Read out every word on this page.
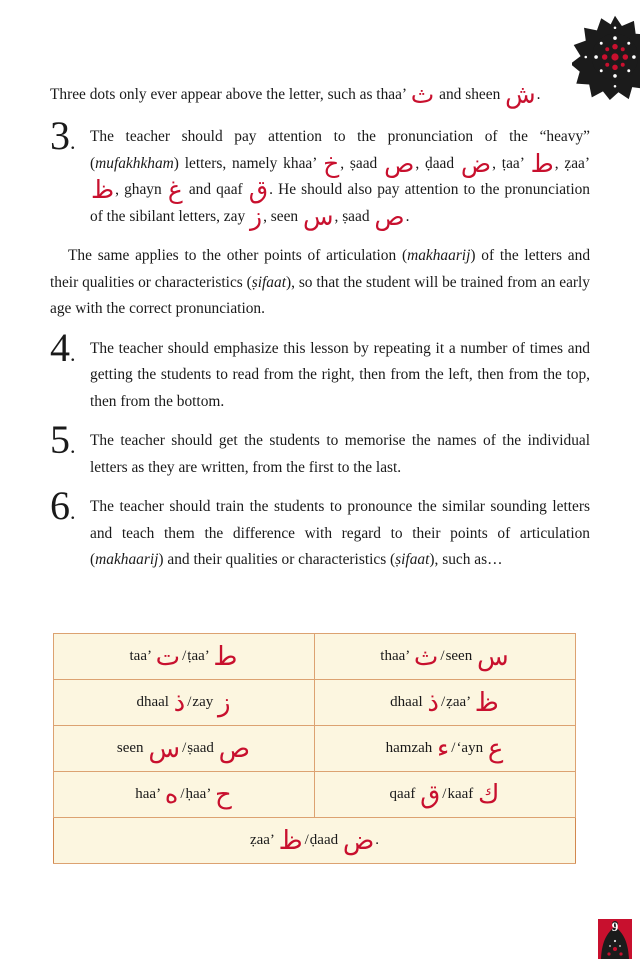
Three dots only ever appear above the letter, such as thaa’ ث and sheen ش.

3. The teacher should pay attention to the pronunciation of the “heavy” (mufakhkham) letters, namely khaa’ خ, ṣaad ص, ḍaad ض, ṭaa’ ط, ẓaa’ ظ, ghayn غ and qaaf ق. He should also pay attention to the pronunciation of the sibilant letters, zay ز, seen س, ṣaad ص.

The same applies to the other points of articulation (makhaarij) of the letters and their qualities or characteristics (ṣifaat), so that the student will be trained from an early age with the correct pronunciation.

4. The teacher should emphasize this lesson by repeating it a number of times and getting the students to read from the right, then from the left, then from the top, then from the bottom.

5. The teacher should get the students to memorise the names of the individual letters as they are written, from the first to the last.

6. The teacher should train the students to pronounce the similar sounding letters and teach them the difference with regard to their points of articulation (makhaarij) and their qualities or characteristics (ṣifaat), such as…

taa’ ت /ṭaa’ ط	thaa’ ث /seen س
dhaal ذ /zay ز	dhaal ذ /ẓaa’ ظ
seen س /ṣaad ص	hamzah ء /ʻayn ع
haa’ ه /ḥaa’ ح	qaaf ق /kaaf ك
ẓaa’ ظ /ḍaad ض.	
9
